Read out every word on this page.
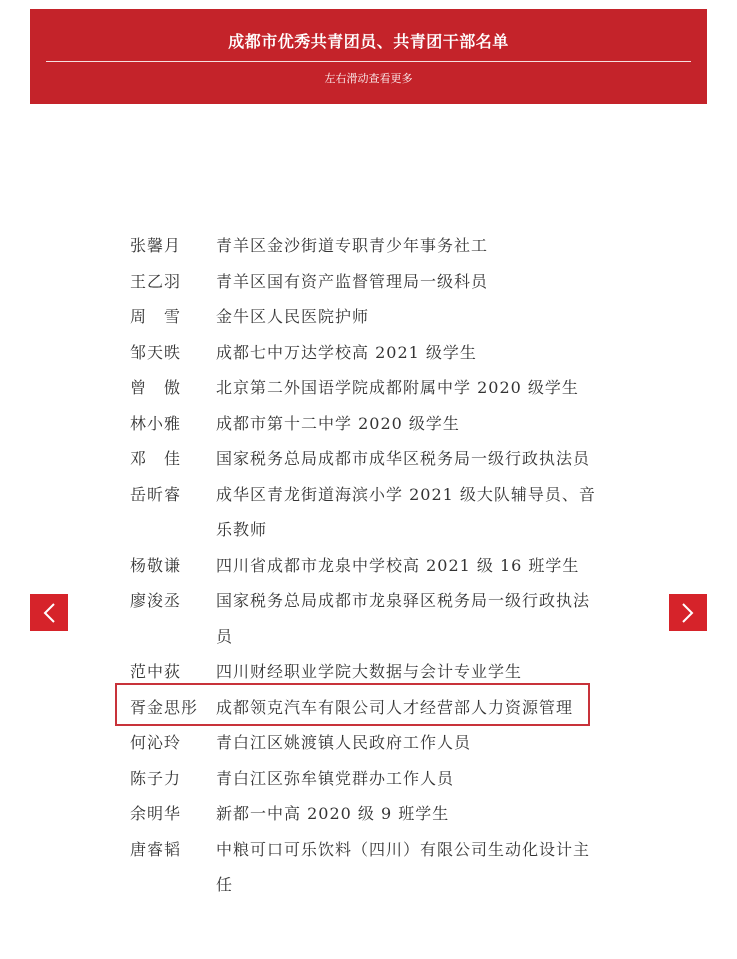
成都市优秀共青团员、共青团干部名单
左右滑动查看更多
张馨月	青羊区金沙街道专职青少年事务社工
王乙羽	青羊区国有资产监督管理局一级科员
周　雪	金牛区人民医院护师
邹天昳	成都七中万达学校高 2021 级学生
曾　傲	北京第二外国语学院成都附属中学 2020 级学生
林小雅	成都市第十二中学 2020 级学生
邓　佳	国家税务总局成都市成华区税务局一级行政执法员
岳昕睿	成华区青龙街道海滨小学 2021 级大队辅导员、音乐教师
杨敬谦	四川省成都市龙泉中学校高 2021 级 16 班学生
廖浚丞	国家税务总局成都市龙泉驿区税务局一级行政执法员
范中荻	四川财经职业学院大数据与会计专业学生
胥金思彤	成都领克汽车有限公司人才经营部人力资源管理
何沁玲	青白江区姚渡镇人民政府工作人员
陈子力	青白江区弥牟镇党群办工作人员
余明华	新都一中高 2020 级 9 班学生
唐睿韬	中粮可口可乐饮料（四川）有限公司生动化设计主任
